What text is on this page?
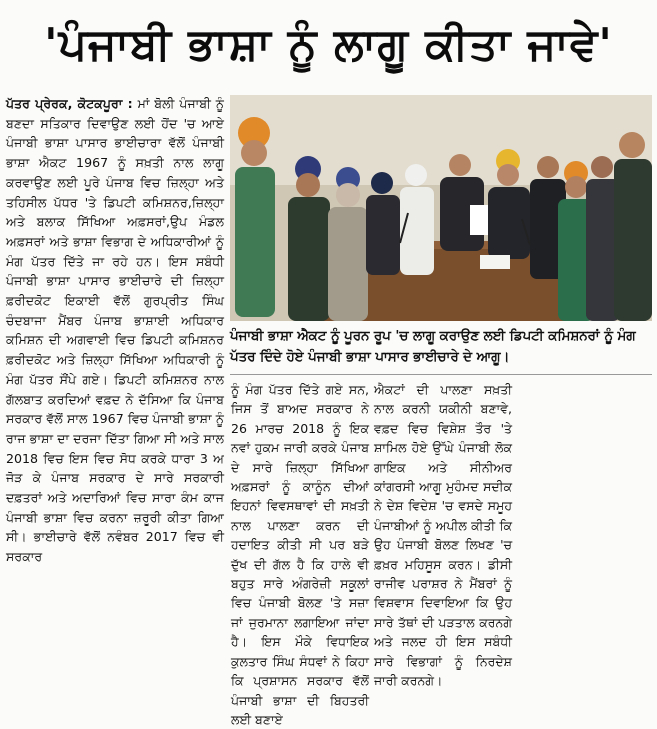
'ਪੰਜਾਬੀ ਭਾਸ਼ਾ ਨੂੰ ਲਾਗੂ ਕੀਤਾ ਜਾਵੇ'
ਪੱਤਰ ਪ੍ਰੇਰਕ, ਕੋਟਕਪੂਰਾ : ਮਾਂ ਬੋਲੀ ਪੰਜਾਬੀ ਨੂੰ ਬਣਦਾ ਸਤਿਕਾਰ ਦਿਵਾਉਣ ਲਈ ਹੋਂਦ 'ਚ ਆਏ ਪੰਜਾਬੀ ਭਾਸ਼ਾ ਪਾਸਾਰ ਭਾਈਚਾਰਾ ਵੱਲੋਂ ਪੰਜਾਬੀ ਭਾਸ਼ਾ ਐਕਟ 1967 ਨੂੰ ਸਖ਼ਤੀ ਨਾਲ ਲਾਗੂ ਕਰਵਾਉਣ ਲਈ ਪੂਰੇ ਪੰਜਾਬ ਵਿਚ ਜ਼ਿਲ੍ਹਾ ਅਤੇ ਤਹਿਸੀਲ ਪੱਧਰ 'ਤੇ ਡਿਪਟੀ ਕਮਿਸ਼ਨਰ,ਜ਼ਿਲ੍ਹਾ ਅਤੇ ਬਲਾਕ ਸਿੱਖਿਆ ਅਫ਼ਸਰਾਂ,ਉਪ ਮੰਡਲ ਅਫ਼ਸਰਾਂ ਅਤੇ ਭਾਸ਼ਾ ਵਿਭਾਗ ਦੇ ਅਧਿਕਾਰੀਆਂ ਨੂੰ ਮੰਗ ਪੱਤਰ ਦਿੱਤੇ ਜਾ ਰਹੇ ਹਨ। ਇਸ ਸਬੰਧੀ ਪੰਜਾਬੀ ਭਾਸ਼ਾ ਪਾਸਾਰ ਭਾਈਚਾਰੇ ਦੀ ਜ਼ਿਲ੍ਹਾ ਫ਼ਰੀਦਕੋਟ ਇਕਾਈ ਵੱਲੋਂ ਗੁਰਪ੍ਰੀਤ ਸਿੰਘ ਚੰਦਬਾਜਾ ਮੈਂਬਰ ਪੰਜਾਬ ਭਾਸ਼ਾਈ ਅਧਿਕਾਰ ਕਮਿਸ਼ਨ ਦੀ ਅਗਵਾਈ ਵਿਚ ਡਿਪਟੀ ਕਮਿਸ਼ਨਰ ਫ਼ਰੀਦਕੋਟ ਅਤੇ ਜ਼ਿਲ੍ਹਾ ਸਿੱਖਿਆ ਅਧਿਕਾਰੀ ਨੂੰ ਮੰਗ ਪੱਤਰ ਸੌਂਪੇ ਗਏ। ਡਿਪਟੀ ਕਮਿਸ਼ਨਰ ਨਾਲ ਗੱਲਬਾਤ ਕਰਦਿਆਂ ਵਫ਼ਦ ਨੇ ਦੱਸਿਆ ਕਿ ਪੰਜਾਬ ਸਰਕਾਰ ਵੱਲੋਂ ਸਾਲ 1967 ਵਿਚ ਪੰਜਾਬੀ ਭਾਸ਼ਾ ਨੂੰ ਰਾਜ ਭਾਸ਼ਾ ਦਾ ਦਰਜਾ ਦਿੱਤਾ ਗਿਆ ਸੀ ਅਤੇ ਸਾਲ 2018 ਵਿਚ ਇਸ ਵਿਚ ਸੋਧ ਕਰਕੇ ਧਾਰਾ 3 ਅ ਜੋੜ ਕੇ ਪੰਜਾਬ ਸਰਕਾਰ ਦੇ ਸਾਰੇ ਸਰਕਾਰੀ ਦਫ਼ਤਰਾਂ ਅਤੇ ਅਦਾਰਿਆਂ ਵਿਚ ਸਾਰਾ ਕੰਮ ਕਾਜ ਪੰਜਾਬੀ ਭਾਸ਼ਾ ਵਿਚ ਕਰਨਾ ਜ਼ਰੂਰੀ ਕੀਤਾ ਗਿਆ ਸੀ। ਭਾਈਚਾਰੇ ਵੱਲੋਂ ਨਵੰਬਰ 2017 ਵਿਚ ਵੀ ਸਰਕਾਰ
ਪੰਜਾਬੀ ਭਾਸ਼ਾ ਐਕਟ ਨੂੰ ਪੂਰਨ ਰੂਪ 'ਚ ਲਾਗੂ ਕਰਾਉਣ ਲਈ ਡਿਪਟੀ ਕਮਿਸ਼ਨਰਾਂ ਨੂੰ ਮੰਗ ਪੱਤਰ ਦਿੰਦੇ ਹੋਏ ਪੰਜਾਬੀ ਭਾਸ਼ਾ ਪਾਸਾਰ ਭਾਈਚਾਰੇ ਦੇ ਆਗੂ।
ਨੂੰ ਮੰਗ ਪੱਤਰ ਦਿੱਤੇ ਗਏ ਸਨ, ਜਿਸ ਤੋਂ ਬਾਅਦ ਸਰਕਾਰ ਨੇ 26 ਮਾਰਚ 2018 ਨੂੰ ਇਕ ਨਵਾਂ ਹੁਕਮ ਜਾਰੀ ਕਰਕੇ ਪੰਜਾਬ ਦੇ ਸਾਰੇ ਜ਼ਿਲ੍ਹਾ ਸਿੱਖਿਆ ਅਫ਼ਸਰਾਂ ਨੂੰ ਕਾਨੂੰਨ ਦੀਆਂ ਇਹਨਾਂ ਵਿਵਸਥਾਵਾਂ ਦੀ ਸਖ਼ਤੀ ਨਾਲ ਪਾਲਣਾ ਕਰਨ ਦੀ ਹਦਾਇਤ ਕੀਤੀ ਸੀ ਪਰ ਬੜੇ ਦੁੱਖ ਦੀ ਗੱਲ ਹੈ ਕਿ ਹਾਲੇ ਵੀ ਬਹੁਤ ਸਾਰੇ ਅੰਗਰੇਜ਼ੀ ਸਕੂਲਾਂ ਵਿਚ ਪੰਜਾਬੀ ਬੋਲਣ 'ਤੇ ਸਜ਼ਾ ਜਾਂ ਜੁਰਮਾਨਾ ਲਗਾਇਆ ਜਾਂਦਾ ਹੈ। ਇਸ ਮੌਕੇ ਵਿਧਾਇਕ ਕੁਲਤਾਰ ਸਿੰਘ ਸੰਧਵਾਂ ਨੇ ਕਿਹਾ ਕਿ ਪ੍ਰਸ਼ਾਸਨ ਸਰਕਾਰ ਵੱਲੋਂ ਪੰਜਾਬੀ ਭਾਸ਼ਾ ਦੀ ਬਿਹਤਰੀ ਲਈ ਬਣਾਏ
ਐਕਟਾਂ ਦੀ ਪਾਲਣਾ ਸਖ਼ਤੀ ਨਾਲ ਕਰਨੀ ਯਕੀਨੀ ਬਣਾਵੇ, ਵਫ਼ਦ ਵਿਚ ਵਿਸ਼ੇਸ਼ ਤੌਰ 'ਤੇ ਸ਼ਾਮਿਲ ਹੋਏ ਉੱਘੇ ਪੰਜਾਬੀ ਲੋਕ ਗਾਇਕ ਅਤੇ ਸੀਨੀਅਰ ਕਾਂਗਰਸੀ ਆਗੂ ਮੁਹੰਮਦ ਸਦੀਕ ਨੇ ਦੇਸ਼ ਵਿਦੇਸ਼ 'ਚ ਵਸਦੇ ਸਮੂਹ ਪੰਜਾਬੀਆਂ ਨੂੰ ਅਪੀਲ ਕੀਤੀ ਕਿ ਉਹ ਪੰਜਾਬੀ ਬੋਲਣ ਲਿਖਣ 'ਚ ਫ਼ਖ਼ਰ ਮਹਿਸੂਸ ਕਰਨ। ਡੀਸੀ ਰਾਜੀਵ ਪਰਾਸ਼ਰ ਨੇ ਮੈਂਬਰਾਂ ਨੂੰ ਵਿਸ਼ਵਾਸ ਦਿਵਾਇਆ ਕਿ ਉਹ ਸਾਰੇ ਤੱਥਾਂ ਦੀ ਪੜਤਾਲ ਕਰਨਗੇ ਅਤੇ ਜਲਦ ਹੀ ਇਸ ਸਬੰਧੀ ਸਾਰੇ ਵਿਭਾਗਾਂ ਨੂੰ ਨਿਰਦੇਸ਼ ਜਾਰੀ ਕਰਨਗੇ।
